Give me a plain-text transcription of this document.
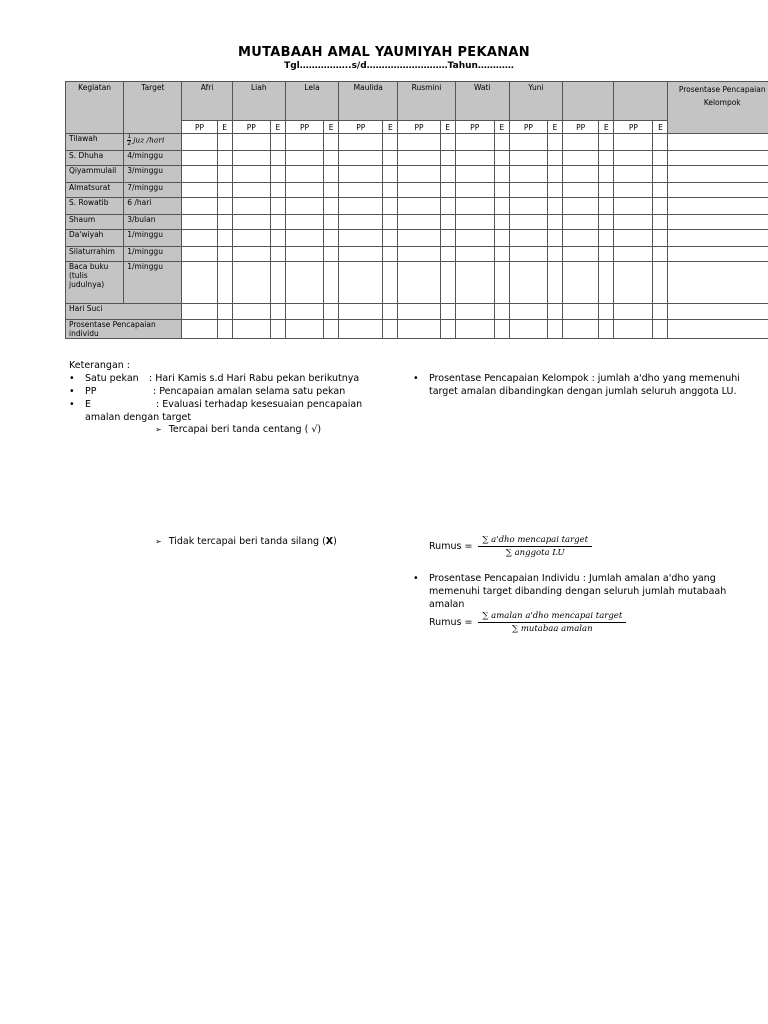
MUTABAAH AMAL YAUMIYAH PEKANAN
Tgl……………..s/d………………………Tahun…………
Kegiatan	Target	Afri		Liah		Lela		Maulida		Rusmini		Wati		Yuni						Prosentase Pencapaian Kelompok
		PP	E	PP	E	PP	E	PP	E	PP	E	PP	E	PP	E	PP	E	PP	E	
Tilawah	$\frac{1}{2}$ juz /hari																			
S. Dhuha	4/minggu																			
Qiyammulail	3/minggu																			
Almatsurat	7/minggu																			
S. Rowatib	6 /hari																			
Shaum	3/bulan																			
Da'wiyah	1/minggu																			
Silaturrahim	1/minggu																			
Baca buku (tulis judulnya)	1/minggu																			
Hari Suci																				
Prosentase Pencapaian individu																				
Keterangan :
• Satu pekan : Hari Kamis s.d Hari Rabu pekan berikutnya
• PP	: Pencapaian amalan selama satu pekan
• E	: Evaluasi terhadap kesesuaian pencapaian amalan dengan target
➢ Tercapai beri tanda centang ( √)
➢ Tidak tercapai beri tanda silang (X)
• Prosentase Pencapaian Kelompok : jumlah a'dho yang memenuhi target amalan dibandingkan dengan jumlah seluruh anggota LU.
Rumus =
∑ a'dho mencapai target
∑ anggota LU
• Prosentase Pencapaian Individu : Jumlah amalan a'dho yang memenuhi target dibanding dengan seluruh jumlah mutabaah amalan
Rumus =
∑ amalan a'dho mencapai target
∑ mutabaa amalan
